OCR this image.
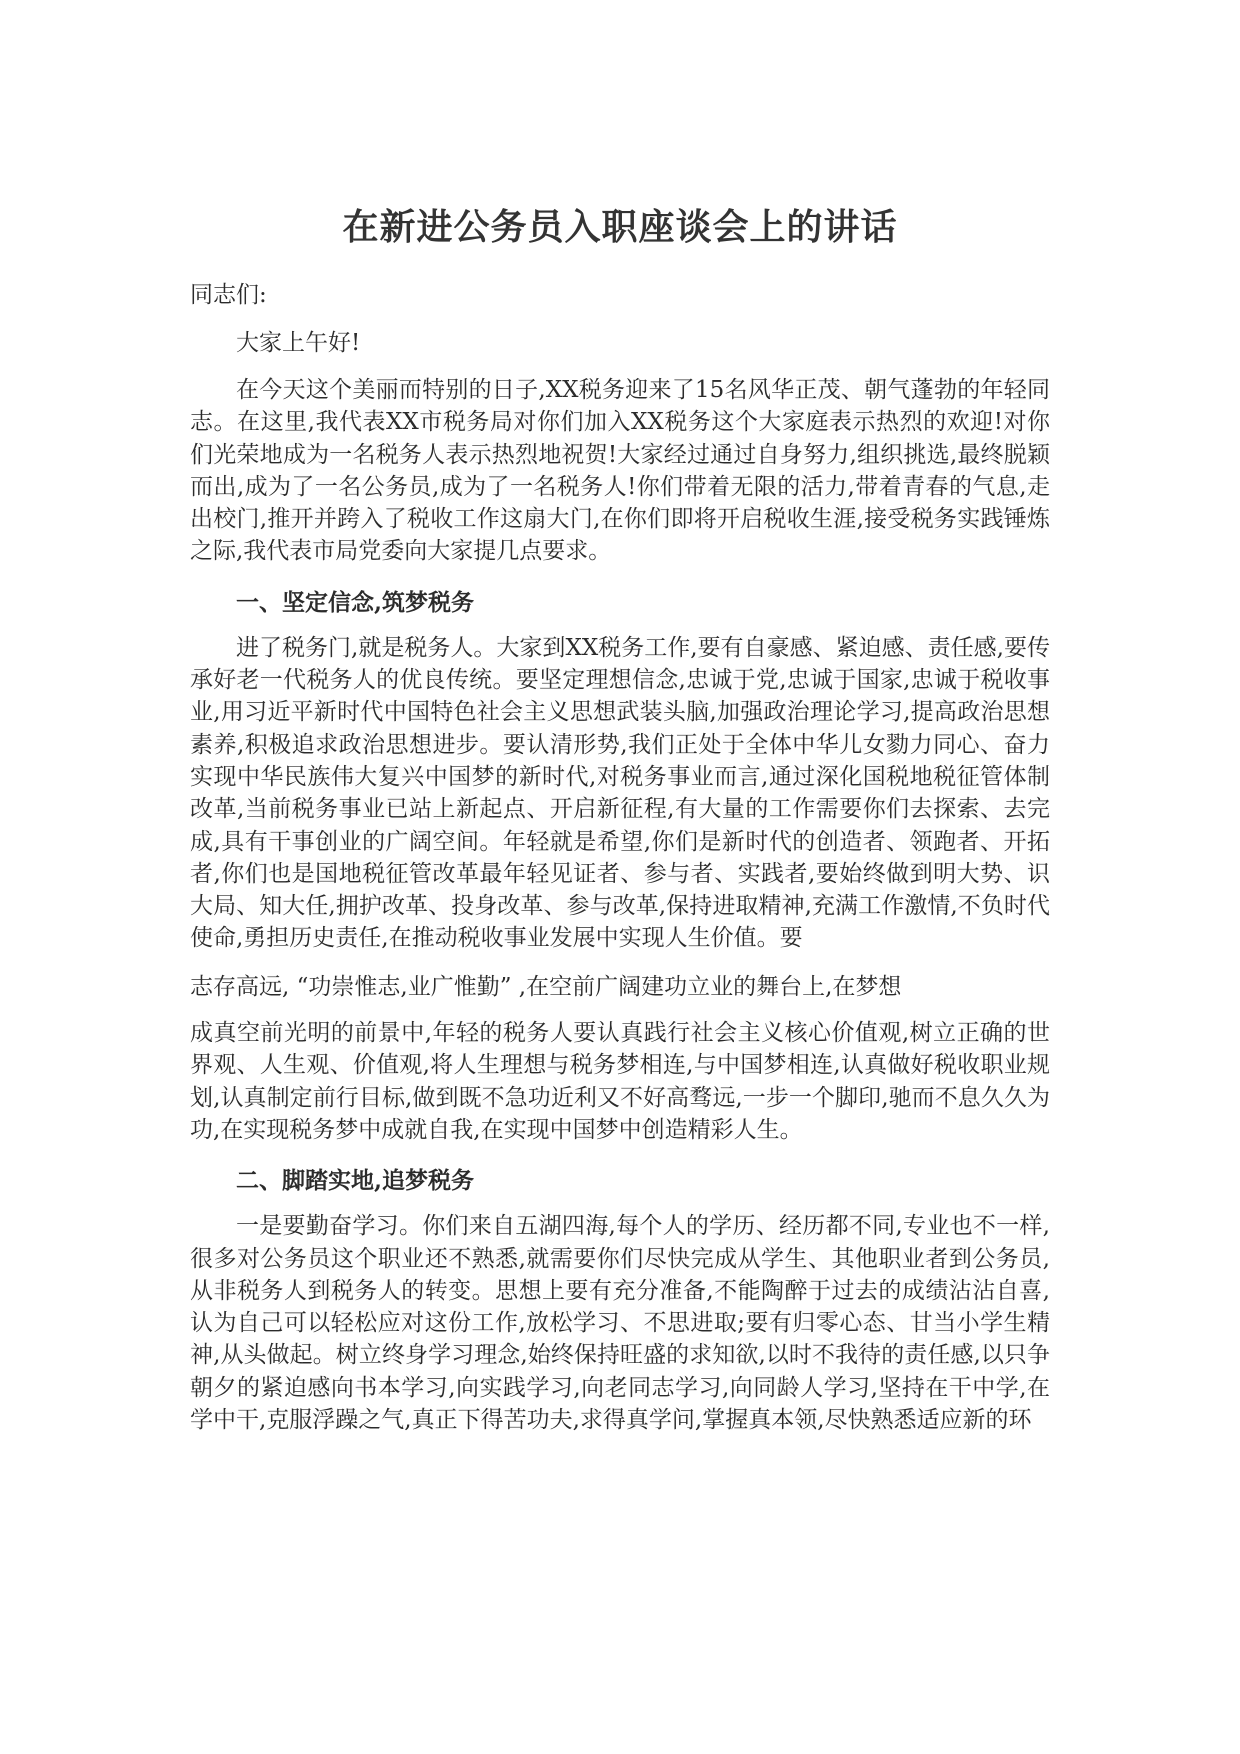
在新进公务员入职座谈会上的讲话
同志们:
大家上午好!

在今天这个美丽而特别的日子,XX税务迎来了15名风华正茂、朝气蓬勃的年轻同志。在这里,我代表XX市税务局对你们加入XX税务这个大家庭表示热烈的欢迎!对你们光荣地成为一名税务人表示热烈地祝贺!大家经过通过自身努力,组织挑选,最终脱颖而出,成为了一名公务员,成为了一名税务人!你们带着无限的活力,带着青春的气息,走出校门,推开并跨入了税收工作这扇大门,在你们即将开启税收生涯,接受税务实践锤炼之际,我代表市局党委向大家提几点要求。

一、坚定信念,筑梦税务

进了税务门,就是税务人。大家到XX税务工作,要有自豪感、紧迫感、责任感,要传承好老一代税务人的优良传统。要坚定理想信念,忠诚于党,忠诚于国家,忠诚于税收事业,用习近平新时代中国特色社会主义思想武装头脑,加强政治理论学习,提高政治思想素养,积极追求政治思想进步。要认清形势,我们正处于全体中华儿女勠力同心、奋力实现中华民族伟大复兴中国梦的新时代,对税务事业而言,通过深化国税地税征管体制改革,当前税务事业已站上新起点、开启新征程,有大量的工作需要你们去探索、去完成,具有干事创业的广阔空间。年轻就是希望,你们是新时代的创造者、领跑者、开拓者,你们也是国地税征管改革最年轻见证者、参与者、实践者,要始终做到明大势、识大局、知大任,拥护改革、投身改革、参与改革,保持进取精神,充满工作激情,不负时代使命,勇担历史责任,在推动税收事业发展中实现人生价值。要

志存高远, “功崇惟志,业广惟勤” ,在空前广阔建功立业的舞台上,在梦想

成真空前光明的前景中,年轻的税务人要认真践行社会主义核心价值观,树立正确的世界观、人生观、价值观,将人生理想与税务梦相连,与中国梦相连,认真做好税收职业规划,认真制定前行目标,做到既不急功近利又不好高骛远,一步一个脚印,驰而不息久久为功,在实现税务梦中成就自我,在实现中国梦中创造精彩人生。

二、脚踏实地,追梦税务

一是要勤奋学习。你们来自五湖四海,每个人的学历、经历都不同,专业也不一样,很多对公务员这个职业还不熟悉,就需要你们尽快完成从学生、其他职业者到公务员,从非税务人到税务人的转变。思想上要有充分准备,不能陶醉于过去的成绩沾沾自喜,认为自己可以轻松应对这份工作,放松学习、不思进取;要有归零心态、甘当小学生精神,从头做起。树立终身学习理念,始终保持旺盛的求知欲,以时不我待的责任感,以只争朝夕的紧迫感向书本学习,向实践学习,向老同志学习,向同龄人学习,坚持在干中学,在学中干,克服浮躁之气,真正下得苦功夫,求得真学问,掌握真本领,尽快熟悉适应新的环
